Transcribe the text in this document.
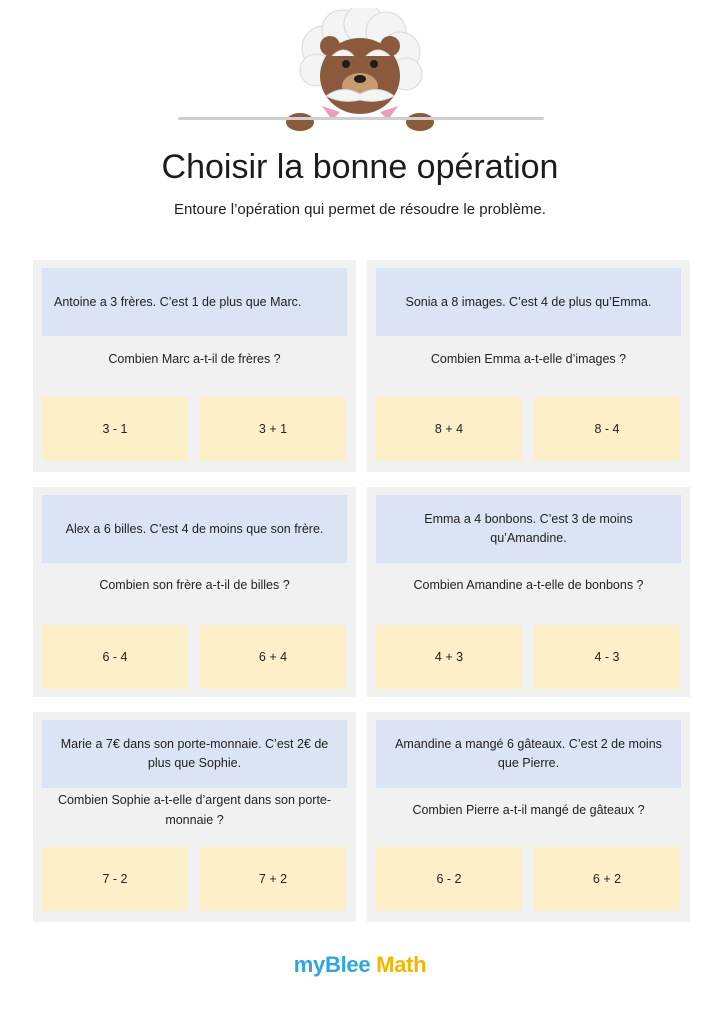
Choisir la bonne opération
Entoure l’opération qui permet de résoudre le problème.
Antoine a 3 frères. C’est 1 de plus que Marc.
Combien Marc a-t-il de frères ?
3 - 1	3 + 1
Sonia a 8 images. C’est 4 de plus qu’Emma.
Combien Emma a-t-elle d’images ?
8 + 4	8 - 4
Alex a 6 billes. C’est 4 de moins que son frère.
Combien son frère a-t-il de billes ?
6 - 4	6 + 4
Emma a 4 bonbons. C’est 3 de moins qu’Amandine.
Combien Amandine a-t-elle de bonbons ?
4 + 3	4 - 3
Marie a 7€ dans son porte-monnaie. C’est 2€ de plus que Sophie.
Combien Sophie a-t-elle d’argent dans son porte-monnaie ?
7 - 2	7 + 2
Amandine a mangé 6 gâteaux. C’est 2 de moins que Pierre.
Combien Pierre a-t-il mangé de gâteaux ?
6 - 2	6 + 2
myBlee Math
